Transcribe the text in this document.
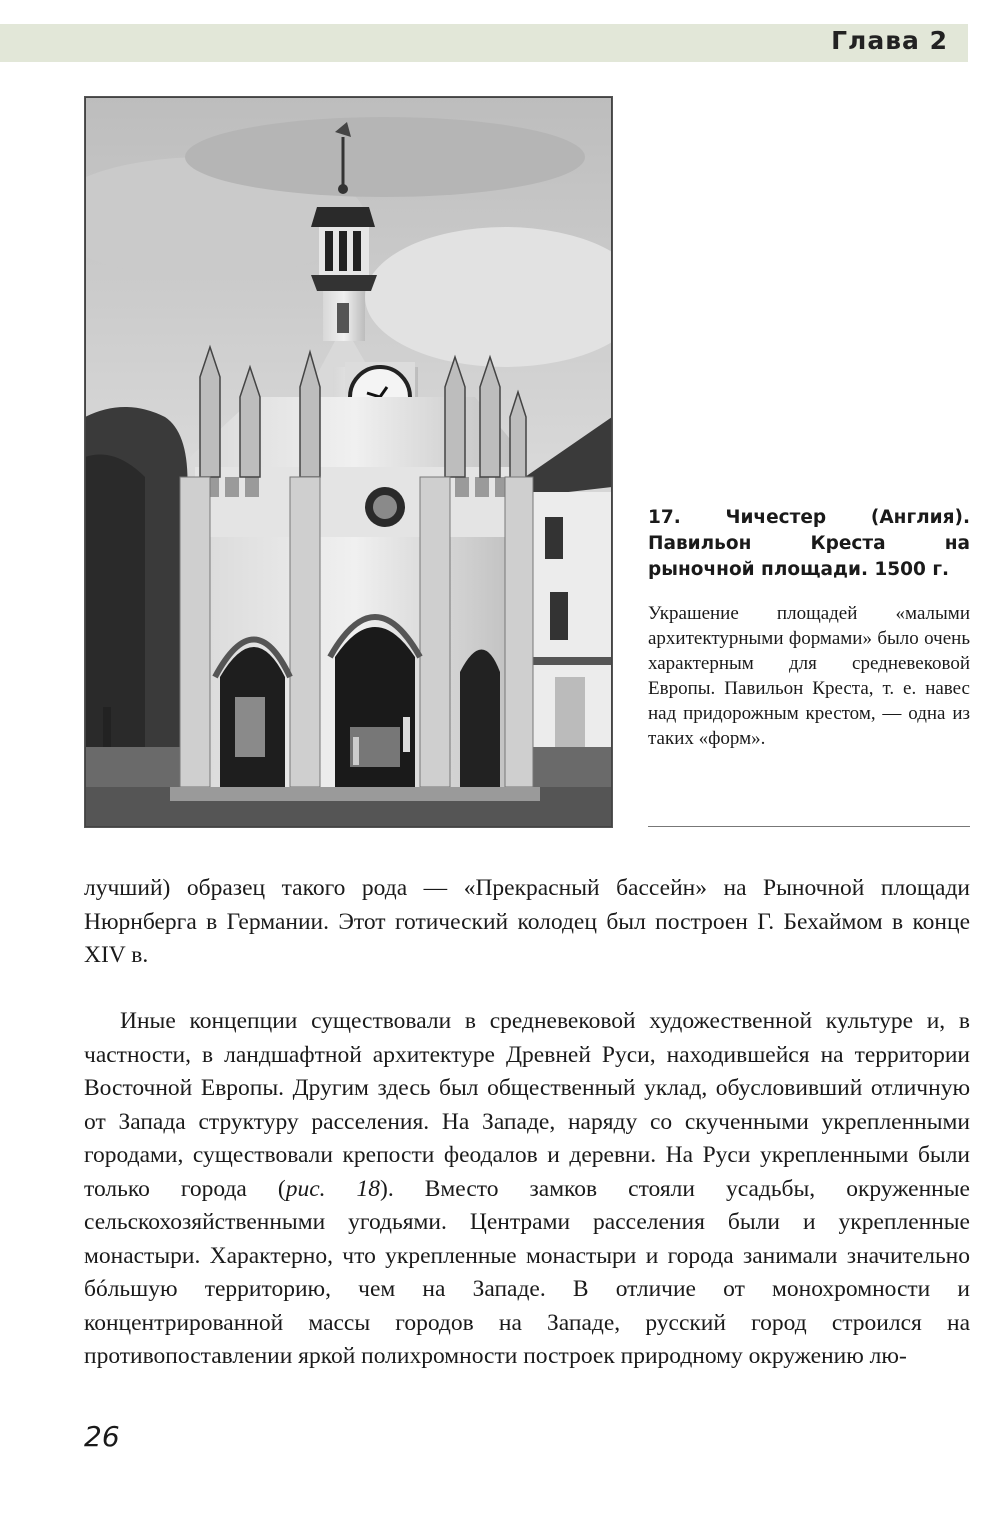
Глава 2

17. Чичестер (Англия). Павильон Креста на рыночной площади. 1500 г.

Украшение площадей «малыми архитектурными формами» было очень характерным для средневековой Европы. Павильон Креста, т. е. навес над придорожным крестом, — одна из таких «форм».

лучший) образец такого рода — «Прекрасный бассейн» на Рыночной площади Нюрнберга в Германии. Этот готический колодец был построен Г. Бехаймом в конце XIV в.

Иные концепции существовали в средневековой художественной культуре и, в частности, в ландшафтной архитектуре Древней Руси, находившейся на территории Восточной Европы. Другим здесь был общественный уклад, обусловивший отличную от Запада структуру расселения. На Западе, наряду со скученными укрепленными городами, существовали крепости феодалов и деревни. На Руси укрепленными были только города (рис. 18). Вместо замков стояли усадьбы, окруженные сельскохозяйственными угодьями. Центрами расселения были и укрепленные монастыри. Характерно, что укрепленные монастыри и города занимали значительно бóльшую территорию, чем на Западе. В отличие от монохромности и концентрированной массы городов на Западе, русский город строился на противопоставлении яркой полихромности построек природному окружению лю-

26
